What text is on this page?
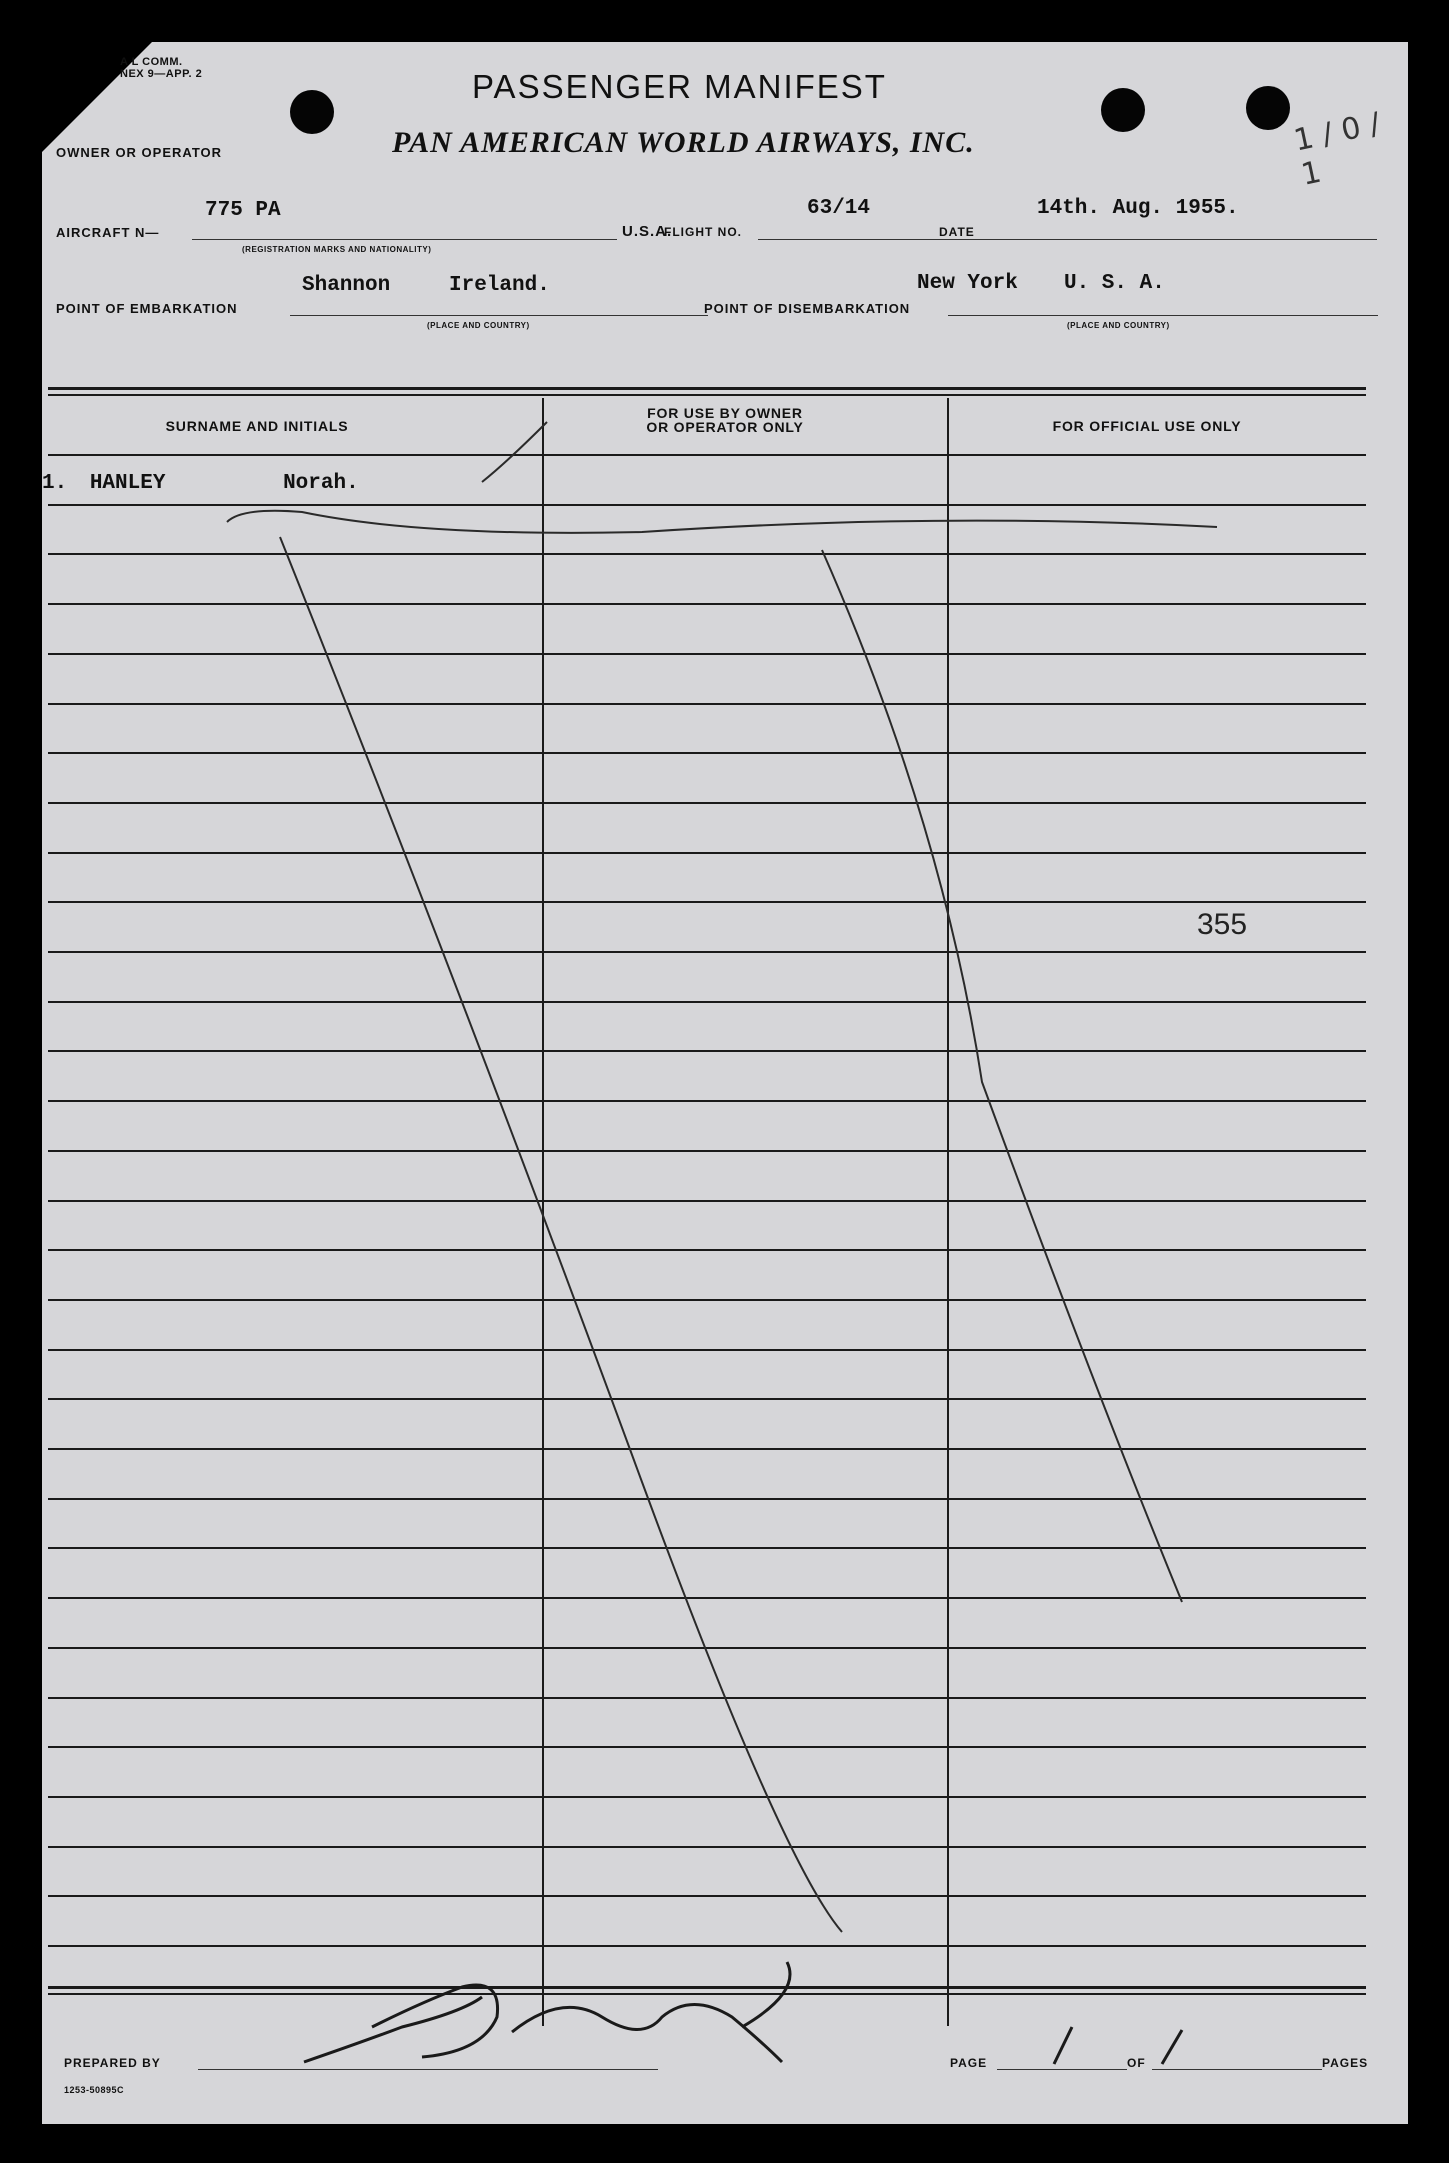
A L COMM.
NEX 9—APP. 2	PASSENGER MANIFEST
OWNER OR OPERATOR	PAN AMERICAN WORLD AIRWAYS, INC.	1 / 0 / 1
AIRCRAFT N—
775 PA
(REGISTRATION MARKS AND NATIONALITY)
U.S.A.
FLIGHT NO.
63/14
DATE
14th. Aug. 1955.
POINT OF EMBARKATION
Shannon	Ireland.
(PLACE AND COUNTRY)
POINT OF DISEMBARKATION
New York U. S. A.
(PLACE AND COUNTRY)
SURNAME AND INITIALS
FOR USE BY OWNER OR OPERATOR ONLY	FOR OFFICIAL USE ONLY
1. HANLEY	Norah.
355
PREPARED BY
1253-50895C
PAGE	OF	PAGES
